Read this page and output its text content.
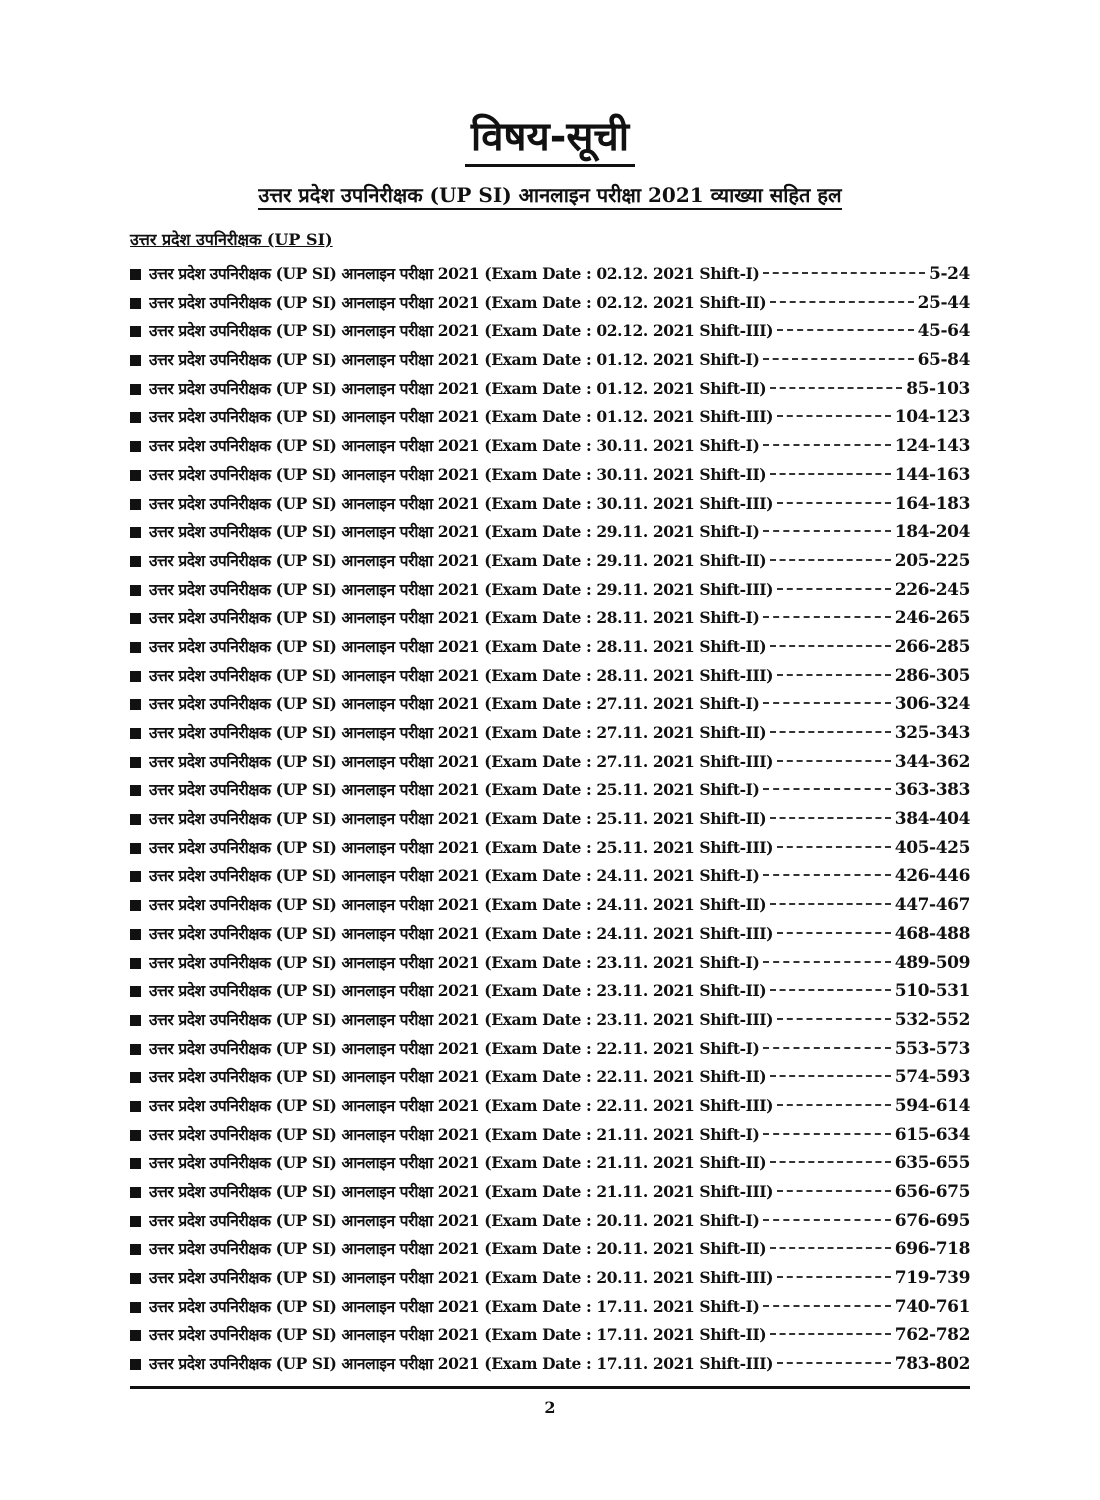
विषय-सूची
उत्तर प्रदेश उपनिरीक्षक (UP SI) आनलाइन परीक्षा 2021 व्याख्या सहित हल
उत्तर प्रदेश उपनिरीक्षक (UP SI)
उत्तर प्रदेश उपनिरीक्षक (UP SI) आनलाइन परीक्षा 2021 (Exam Date : 02.12. 2021 Shift-I)	5-24
उत्तर प्रदेश उपनिरीक्षक (UP SI) आनलाइन परीक्षा 2021 (Exam Date : 02.12. 2021 Shift-II)	25-44
उत्तर प्रदेश उपनिरीक्षक (UP SI) आनलाइन परीक्षा 2021 (Exam Date : 02.12. 2021 Shift-III)	45-64
उत्तर प्रदेश उपनिरीक्षक (UP SI) आनलाइन परीक्षा 2021 (Exam Date : 01.12. 2021 Shift-I)	65-84
उत्तर प्रदेश उपनिरीक्षक (UP SI) आनलाइन परीक्षा 2021 (Exam Date : 01.12. 2021 Shift-II)	85-103
उत्तर प्रदेश उपनिरीक्षक (UP SI) आनलाइन परीक्षा 2021 (Exam Date : 01.12. 2021 Shift-III)	104-123
उत्तर प्रदेश उपनिरीक्षक (UP SI) आनलाइन परीक्षा 2021 (Exam Date : 30.11. 2021 Shift-I)	124-143
उत्तर प्रदेश उपनिरीक्षक (UP SI) आनलाइन परीक्षा 2021 (Exam Date : 30.11. 2021 Shift-II)	144-163
उत्तर प्रदेश उपनिरीक्षक (UP SI) आनलाइन परीक्षा 2021 (Exam Date : 30.11. 2021 Shift-III)	164-183
उत्तर प्रदेश उपनिरीक्षक (UP SI) आनलाइन परीक्षा 2021 (Exam Date : 29.11. 2021 Shift-I)	184-204
उत्तर प्रदेश उपनिरीक्षक (UP SI) आनलाइन परीक्षा 2021 (Exam Date : 29.11. 2021 Shift-II)	205-225
उत्तर प्रदेश उपनिरीक्षक (UP SI) आनलाइन परीक्षा 2021 (Exam Date : 29.11. 2021 Shift-III)	226-245
उत्तर प्रदेश उपनिरीक्षक (UP SI) आनलाइन परीक्षा 2021 (Exam Date : 28.11. 2021 Shift-I)	246-265
उत्तर प्रदेश उपनिरीक्षक (UP SI) आनलाइन परीक्षा 2021 (Exam Date : 28.11. 2021 Shift-II)	266-285
उत्तर प्रदेश उपनिरीक्षक (UP SI) आनलाइन परीक्षा 2021 (Exam Date : 28.11. 2021 Shift-III)	286-305
उत्तर प्रदेश उपनिरीक्षक (UP SI) आनलाइन परीक्षा 2021 (Exam Date : 27.11. 2021 Shift-I)	306-324
उत्तर प्रदेश उपनिरीक्षक (UP SI) आनलाइन परीक्षा 2021 (Exam Date : 27.11. 2021 Shift-II)	325-343
उत्तर प्रदेश उपनिरीक्षक (UP SI) आनलाइन परीक्षा 2021 (Exam Date : 27.11. 2021 Shift-III)	344-362
उत्तर प्रदेश उपनिरीक्षक (UP SI) आनलाइन परीक्षा 2021 (Exam Date : 25.11. 2021 Shift-I)	363-383
उत्तर प्रदेश उपनिरीक्षक (UP SI) आनलाइन परीक्षा 2021 (Exam Date : 25.11. 2021 Shift-II)	384-404
उत्तर प्रदेश उपनिरीक्षक (UP SI) आनलाइन परीक्षा 2021 (Exam Date : 25.11. 2021 Shift-III)	405-425
उत्तर प्रदेश उपनिरीक्षक (UP SI) आनलाइन परीक्षा 2021 (Exam Date : 24.11. 2021 Shift-I)	426-446
उत्तर प्रदेश उपनिरीक्षक (UP SI) आनलाइन परीक्षा 2021 (Exam Date : 24.11. 2021 Shift-II)	447-467
उत्तर प्रदेश उपनिरीक्षक (UP SI) आनलाइन परीक्षा 2021 (Exam Date : 24.11. 2021 Shift-III)	468-488
उत्तर प्रदेश उपनिरीक्षक (UP SI) आनलाइन परीक्षा 2021 (Exam Date : 23.11. 2021 Shift-I)	489-509
उत्तर प्रदेश उपनिरीक्षक (UP SI) आनलाइन परीक्षा 2021 (Exam Date : 23.11. 2021 Shift-II)	510-531
उत्तर प्रदेश उपनिरीक्षक (UP SI) आनलाइन परीक्षा 2021 (Exam Date : 23.11. 2021 Shift-III)	532-552
उत्तर प्रदेश उपनिरीक्षक (UP SI) आनलाइन परीक्षा 2021 (Exam Date : 22.11. 2021 Shift-I)	553-573
उत्तर प्रदेश उपनिरीक्षक (UP SI) आनलाइन परीक्षा 2021 (Exam Date : 22.11. 2021 Shift-II)	574-593
उत्तर प्रदेश उपनिरीक्षक (UP SI) आनलाइन परीक्षा 2021 (Exam Date : 22.11. 2021 Shift-III)	594-614
उत्तर प्रदेश उपनिरीक्षक (UP SI) आनलाइन परीक्षा 2021 (Exam Date : 21.11. 2021 Shift-I)	615-634
उत्तर प्रदेश उपनिरीक्षक (UP SI) आनलाइन परीक्षा 2021 (Exam Date : 21.11. 2021 Shift-II)	635-655
उत्तर प्रदेश उपनिरीक्षक (UP SI) आनलाइन परीक्षा 2021 (Exam Date : 21.11. 2021 Shift-III)	656-675
उत्तर प्रदेश उपनिरीक्षक (UP SI) आनलाइन परीक्षा 2021 (Exam Date : 20.11. 2021 Shift-I)	676-695
उत्तर प्रदेश उपनिरीक्षक (UP SI) आनलाइन परीक्षा 2021 (Exam Date : 20.11. 2021 Shift-II)	696-718
उत्तर प्रदेश उपनिरीक्षक (UP SI) आनलाइन परीक्षा 2021 (Exam Date : 20.11. 2021 Shift-III)	719-739
उत्तर प्रदेश उपनिरीक्षक (UP SI) आनलाइन परीक्षा 2021 (Exam Date : 17.11. 2021 Shift-I)	740-761
उत्तर प्रदेश उपनिरीक्षक (UP SI) आनलाइन परीक्षा 2021 (Exam Date : 17.11. 2021 Shift-II)	762-782
उत्तर प्रदेश उपनिरीक्षक (UP SI) आनलाइन परीक्षा 2021 (Exam Date : 17.11. 2021 Shift-III)	783-802
2
